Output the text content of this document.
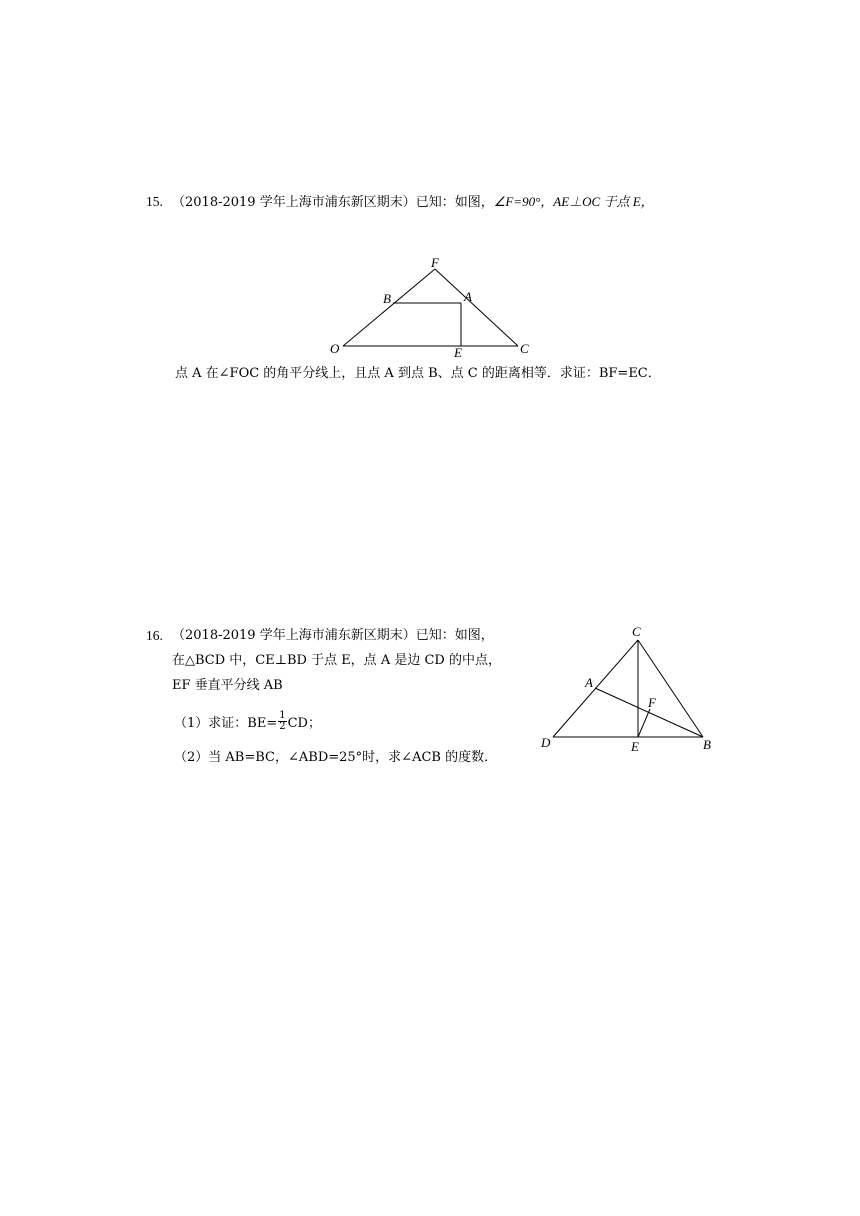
15. （2018-2019 学年上海市浦东新区期末）已知：如图，∠F=90°，AE⊥OC 于点 E，
F
B	A
O	E	C
点 A 在∠FOC 的角平分线上，且点 A 到点 B、点 C 的距离相等．求证：BF=EC．
16. （2018-2019 学年上海市浦东新区期末）已知：如图，
在△BCD 中，CE⊥BD 于点 E，点 A 是边 CD 的中点，
EF 垂直平分线 AB
（1）求证：$BE= \frac{1}{2}$ CD；
（2）当 AB=BC，∠ABD=25°时，求∠ACB 的度数．
C
A
F
D	E	B
